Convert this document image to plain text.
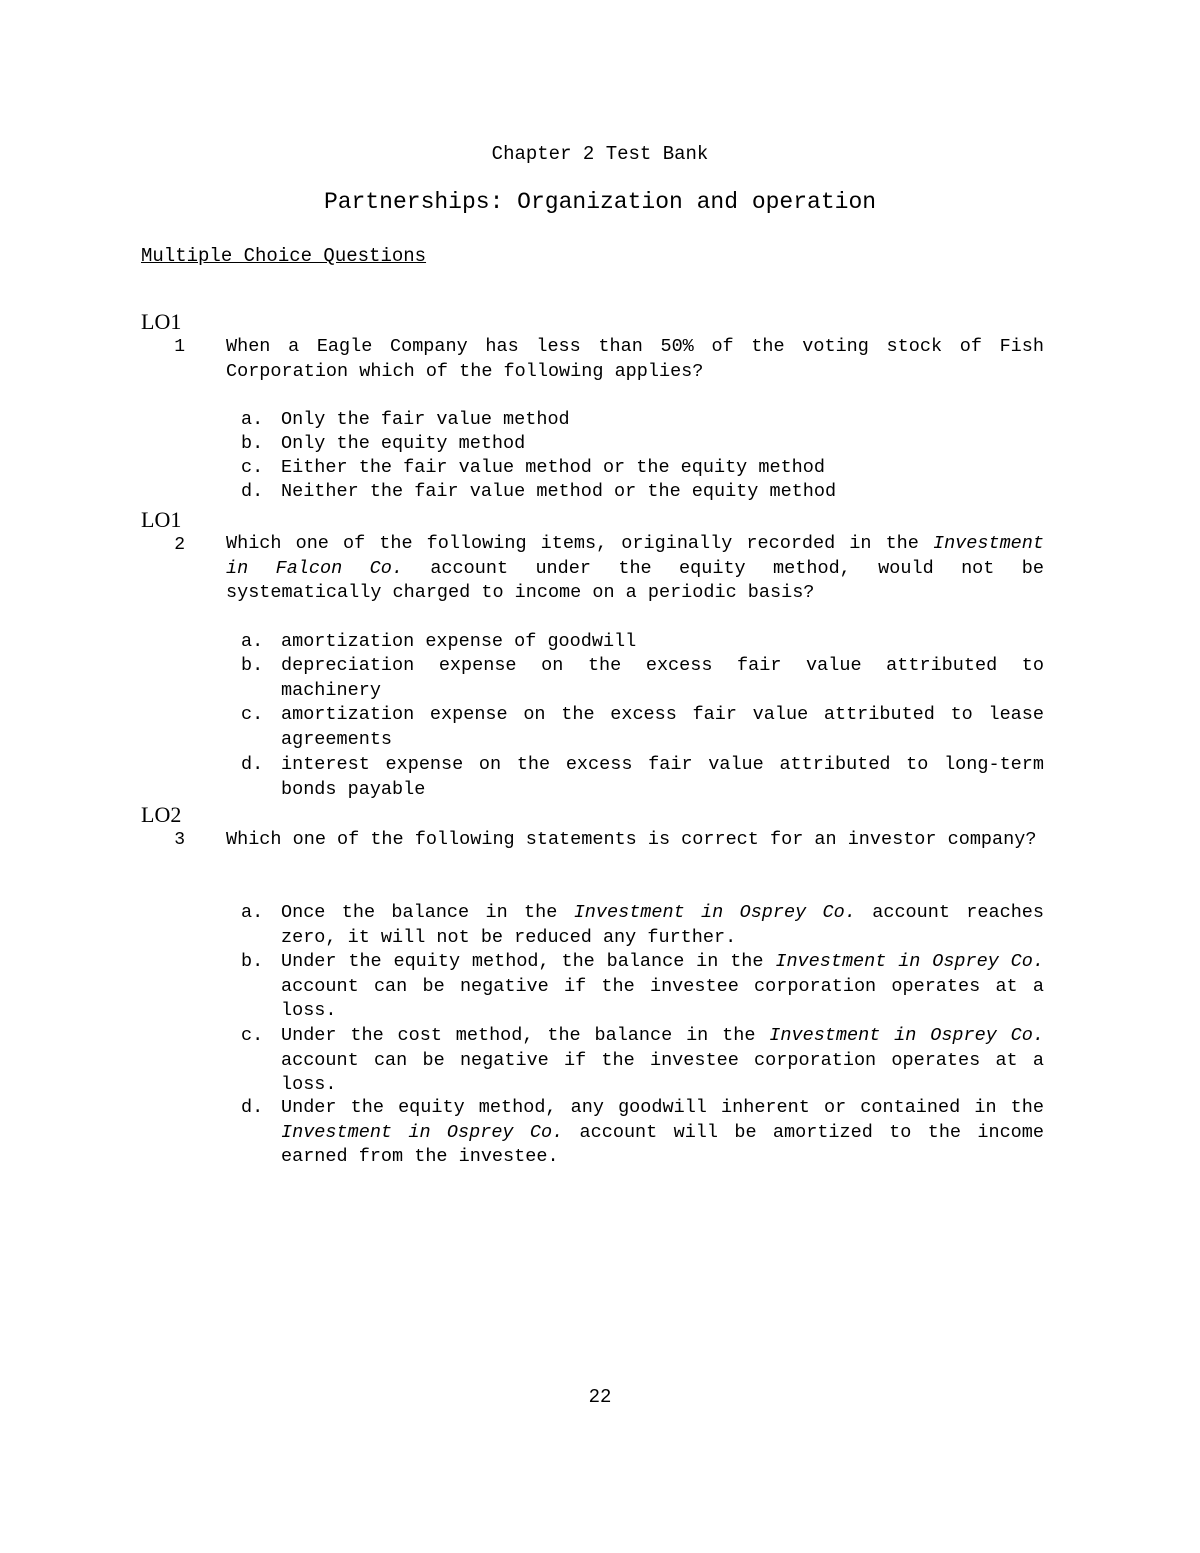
Chapter 2 Test Bank
Partnerships: Organization and operation
Multiple Choice Questions
LO1
1 When a Eagle Company has less than 50% of the voting stock of Fish Corporation which of the following applies?
a. Only the fair value method
b. Only the equity method
c. Either the fair value method or the equity method
d. Neither the fair value method or the equity method
LO1
2 Which one of the following items, originally recorded in the Investment in Falcon Co. account under the equity method, would not be systematically charged to income on a periodic basis?
a. amortization expense of goodwill
b. depreciation expense on the excess fair value attributed to machinery
c. amortization expense on the excess fair value attributed to lease agreements
d. interest expense on the excess fair value attributed to long-term bonds payable
LO2
3 Which one of the following statements is correct for an investor company?
a. Once the balance in the Investment in Osprey Co. account reaches zero, it will not be reduced any further.
b. Under the equity method, the balance in the Investment in Osprey Co. account can be negative if the investee corporation operates at a loss.
c. Under the cost method, the balance in the Investment in Osprey Co. account can be negative if the investee corporation operates at a loss.
d. Under the equity method, any goodwill inherent or contained in the Investment in Osprey Co. account will be amortized to the income earned from the investee.
22
